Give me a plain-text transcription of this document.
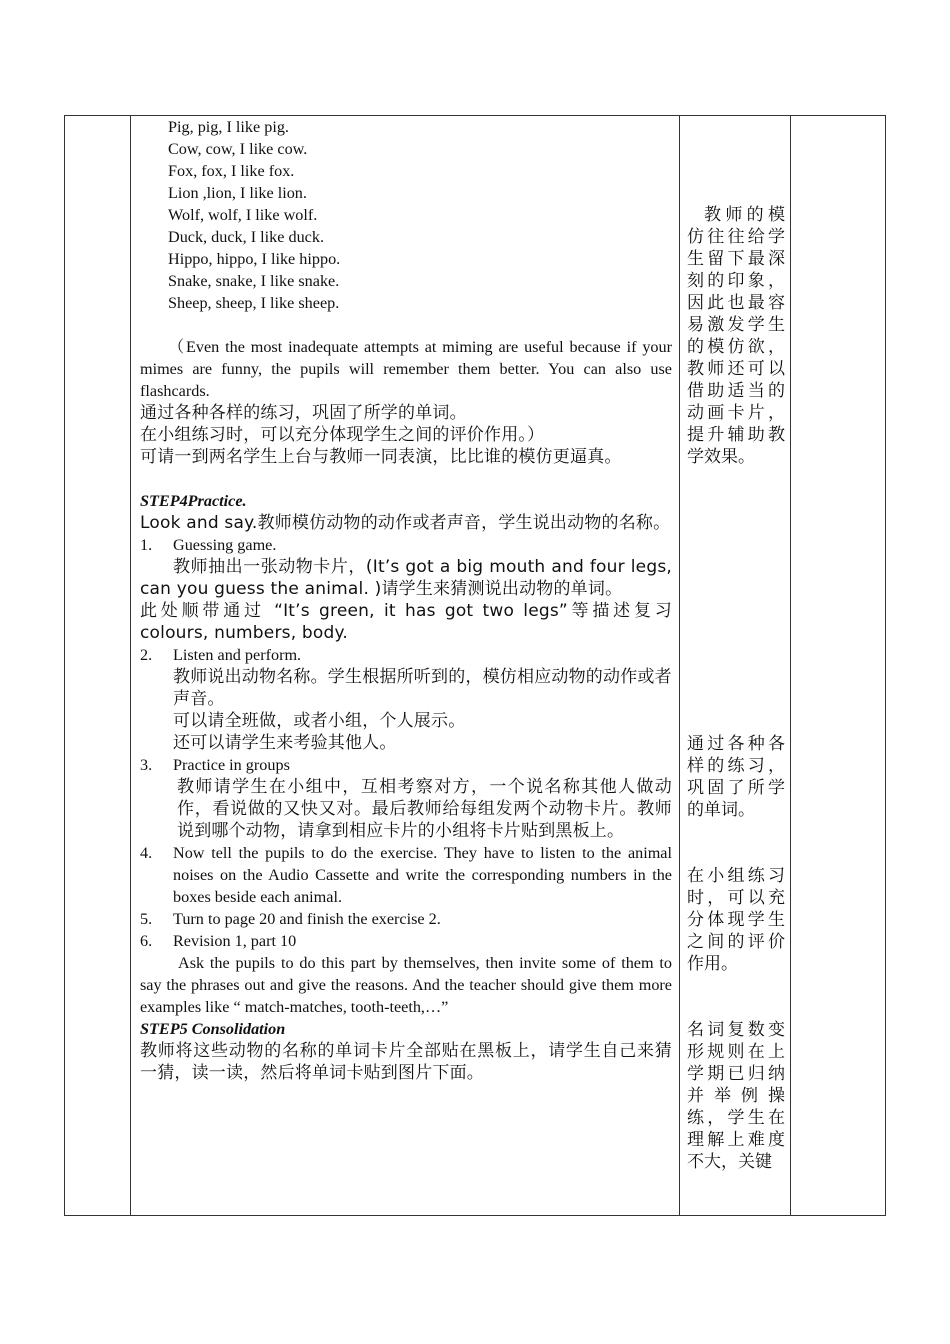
Pig, pig, I like pig.
Cow, cow, I like cow.
Fox, fox, I like fox.
Lion ,lion, I like lion.
Wolf, wolf, I like wolf.
Duck, duck, I like duck.
Hippo, hippo, I like hippo.
Snake, snake, I like snake.
Sheep, sheep, I like sheep.
（Even the most inadequate attempts at miming are useful because if your mimes are funny, the pupils will remember them better. You can also use flashcards.
通过各种各样的练习，巩固了所学的单词。
在小组练习时，可以充分体现学生之间的评价作用。）
可请一到两名学生上台与教师一同表演，比比谁的模仿更逼真。
STEP4Practice.
Look and say.教师模仿动物的动作或者声音，学生说出动物的名称。
1.	Guessing game.
教师抽出一张动物卡片，(It’s got a big mouth and four legs, can you guess the animal. )请学生来猜测说出动物的单词。
此处顺带通过 “It’s green, it has got two legs”等描述复习 colours, numbers, body.
2.	Listen and perform.
教师说出动物名称。学生根据所听到的，模仿相应动物的动作或者声音。
可以请全班做，或者小组，个人展示。
还可以请学生来考验其他人。
3.	Practice in groups
教师请学生在小组中，互相考察对方，一个说名称其他人做动作，看说做的又快又对。最后教师给每组发两个动物卡片。教师说到哪个动物，请拿到相应卡片的小组将卡片贴到黑板上。
4.	Now tell the pupils to do the exercise. They have to listen to the animal noises on the Audio Cassette and write the corresponding numbers in the boxes beside each animal.
5.	Turn to page 20 and finish the exercise 2.
6.	Revision 1, part 10
Ask the pupils to do this part by themselves, then invite some of them to say the phrases out and give the reasons. And the teacher should give them more examples like “ match-matches, tooth-teeth,…”
STEP5 Consolidation
教师将这些动物的名称的单词卡片全部贴在黑板上，请学生自己来猜一猜，读一读，然后将单词卡贴到图片下面。
教师的模仿往往给学生留下最深刻的印象，因此也最容易激发学生的模仿欲，教师还可以借助适当的动画卡片，提升辅助教学效果。
通过各种各样的练习，巩固了所学的单词。
在小组练习时，可以充分体现学生之间的评价作用。
名词复数变形规则在上学期已归纳并举例操练，学生在理解上难度不大，关键
